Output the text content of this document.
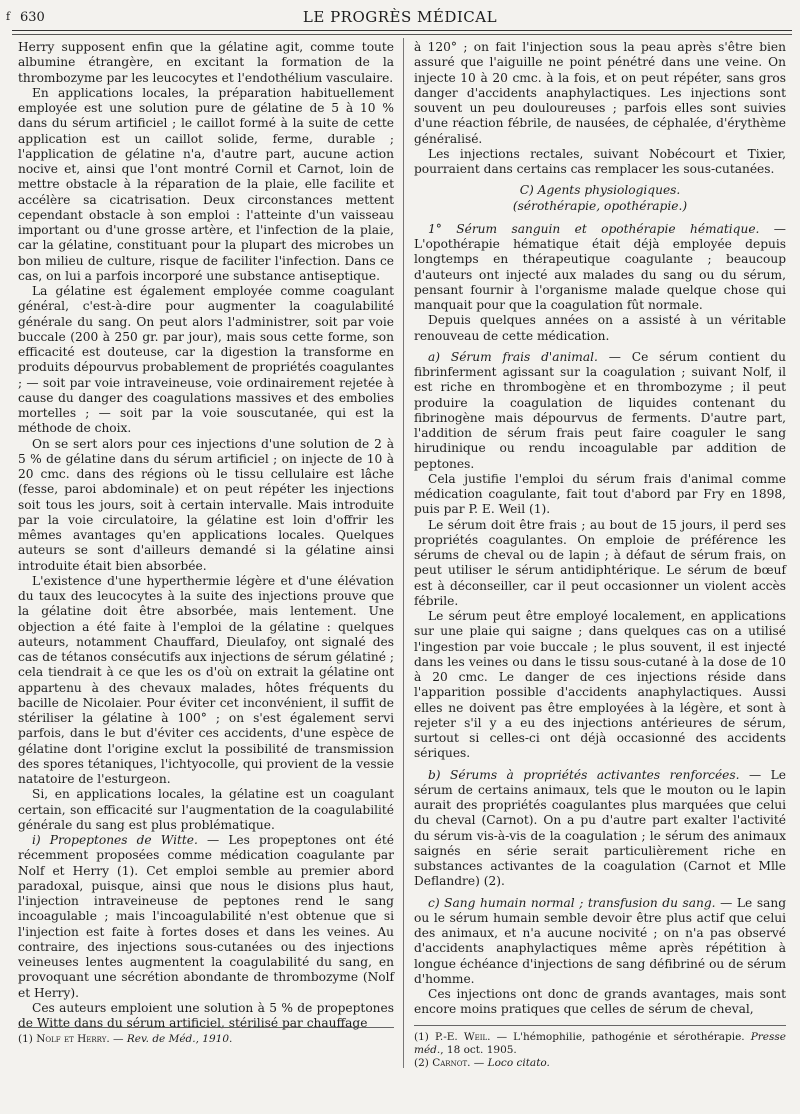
f 630	LE PROGRÈS MÉDICAL

Herry supposent enfin que la gélatine agit, comme toute albumine étrangère, en excitant la formation de la thrombozyme par les leucocytes et l'endothélium vasculaire.

En applications locales, la préparation habituellement employée est une solution pure de gélatine de 5 à 10 % dans du sérum artificiel ; le caillot formé à la suite de cette application est un caillot solide, ferme, durable ; l'application de gélatine n'a, d'autre part, aucune action nocive et, ainsi que l'ont montré Cornil et Carnot, loin de mettre obstacle à la réparation de la plaie, elle facilite et accélère sa cicatrisation. Deux circonstances mettent cependant obstacle à son emploi : l'atteinte d'un vaisseau important ou d'une grosse artère, et l'infection de la plaie, car la gélatine, constituant pour la plupart des microbes un bon milieu de culture, risque de faciliter l'infection. Dans ce cas, on lui a parfois incorporé une substance antiseptique.

La gélatine est également employée comme coagulant général, c'est-à-dire pour augmenter la coagulabilité générale du sang. On peut alors l'administrer, soit par voie buccale (200 à 250 gr. par jour), mais sous cette forme, son efficacité est douteuse, car la digestion la transforme en produits dépourvus probablement de propriétés coagulantes ; — soit par voie intraveineuse, voie ordinairement rejetée à cause du danger des coagulations massives et des embolies mortelles ; — soit par la voie souscutanée, qui est la méthode de choix.

On se sert alors pour ces injections d'une solution de 2 à 5 % de gélatine dans du sérum artificiel ; on injecte de 10 à 20 cmc. dans des régions où le tissu cellulaire est lâche (fesse, paroi abdominale) et on peut répéter les injections soit tous les jours, soit à certain intervalle. Mais introduite par la voie circulatoire, la gélatine est loin d'offrir les mêmes avantages qu'en applications locales. Quelques auteurs se sont d'ailleurs demandé si la gélatine ainsi introduite était bien absorbée.

L'existence d'une hyperthermie légère et d'une élévation du taux des leucocytes à la suite des injections prouve que la gélatine doit être absorbée, mais lentement. Une objection a été faite à l'emploi de la gélatine : quelques auteurs, notamment Chauffard, Dieulafoy, ont signalé des cas de tétanos consécutifs aux injections de sérum gélatiné ; cela tiendrait à ce que les os d'où on extrait la gélatine ont appartenu à des chevaux malades, hôtes fréquents du bacille de Nicolaier. Pour éviter cet inconvénient, il suffit de stériliser la gélatine à 100° ; on s'est également servi parfois, dans le but d'éviter ces accidents, d'une espèce de gélatine dont l'origine exclut la possibilité de transmission des spores tétaniques, l'ichtyocolle, qui provient de la vessie natatoire de l'esturgeon.

Si, en applications locales, la gélatine est un coagulant certain, son efficacité sur l'augmentation de la coagulabilité générale du sang est plus problématique.

i) Propeptones de Witte. — Les propeptones ont été récemment proposées comme médication coagulante par Nolf et Herry (1). Cet emploi semble au premier abord paradoxal, puisque, ainsi que nous le disions plus haut, l'injection intraveineuse de peptones rend le sang incoagulable ; mais l'incoagulabilité n'est obtenue que si l'injection est faite à fortes doses et dans les veines. Au contraire, des injections sous-cutanées ou des injections veineuses lentes augmentent la coagulabilité du sang, en provoquant une sécrétion abondante de thrombozyme (Nolf et Herry).

Ces auteurs emploient une solution à 5 % de propeptones de Witte dans du sérum artificiel, stérilisé par chauffage

(1) Nolf et Herry. — Rev. de Méd., 1910.

à 120° ; on fait l'injection sous la peau après s'être bien assuré que l'aiguille ne point pénétré dans une veine. On injecte 10 à 20 cmc. à la fois, et on peut répéter, sans gros danger d'accidents anaphylactiques. Les injections sont souvent un peu douloureuses ; parfois elles sont suivies d'une réaction fébrile, de nausées, de céphalée, d'érythème généralisé.

Les injections rectales, suivant Nobécourt et Tixier, pourraient dans certains cas remplacer les sous-cutanées.

C) Agents physiologiques.

(sérothérapie, opothérapie.)

1° Sérum sanguin et opothérapie hématique. — L'opothérapie hématique était déjà employée depuis longtemps en thérapeutique coagulante ; beaucoup d'auteurs ont injecté aux malades du sang ou du sérum, pensant fournir à l'organisme malade quelque chose qui manquait pour que la coagulation fût normale.

Depuis quelques années on a assisté à un véritable renouveau de cette médication.

a) Sérum frais d'animal. — Ce sérum contient du fibrinferment agissant sur la coagulation ; suivant Nolf, il est riche en thrombogène et en thrombozyme ; il peut produire la coagulation de liquides contenant du fibrinogène mais dépourvus de ferments. D'autre part, l'addition de sérum frais peut faire coaguler le sang hirudinique ou rendu incoagulable par addition de peptones.

Cela justifie l'emploi du sérum frais d'animal comme médication coagulante, fait tout d'abord par Fry en 1898, puis par P. E. Weil (1).

Le sérum doit être frais ; au bout de 15 jours, il perd ses propriétés coagulantes. On emploie de préférence les sérums de cheval ou de lapin ; à défaut de sérum frais, on peut utiliser le sérum antidiphtérique. Le sérum de bœuf est à déconseiller, car il peut occasionner un violent accès fébrile.

Le sérum peut être employé localement, en applications sur une plaie qui saigne ; dans quelques cas on a utilisé l'ingestion par voie buccale ; le plus souvent, il est injecté dans les veines ou dans le tissu sous-cutané à la dose de 10 à 20 cmc. Le danger de ces injections réside dans l'apparition possible d'accidents anaphylactiques. Aussi elles ne doivent pas être employées à la légère, et sont à rejeter s'il y a eu des injections antérieures de sérum, surtout si celles-ci ont déjà occasionné des accidents sériques.

b) Sérums à propriétés activantes renforcées. — Le sérum de certains animaux, tels que le mouton ou le lapin aurait des propriétés coagulantes plus marquées que celui du cheval (Carnot). On a pu d'autre part exalter l'activité du sérum vis-à-vis de la coagulation ; le sérum des animaux saignés en série serait particulièrement riche en substances activantes de la coagulation (Carnot et Mlle Deflandre) (2).

c) Sang humain normal ; transfusion du sang. — Le sang ou le sérum humain semble devoir être plus actif que celui des animaux, et n'a aucune nocivité ; on n'a pas observé d'accidents anaphylactiques même après répétition à longue échéance d'injections de sang défibriné ou de sérum d'homme.

Ces injections ont donc de grands avantages, mais sont encore moins pratiques que celles de sérum de cheval,

(1) P.-E. Weil. — L'hémophilie, pathogénie et sérothérapie. Presse méd., 18 oct. 1905.

(2) Carnot. — Loco citato.
